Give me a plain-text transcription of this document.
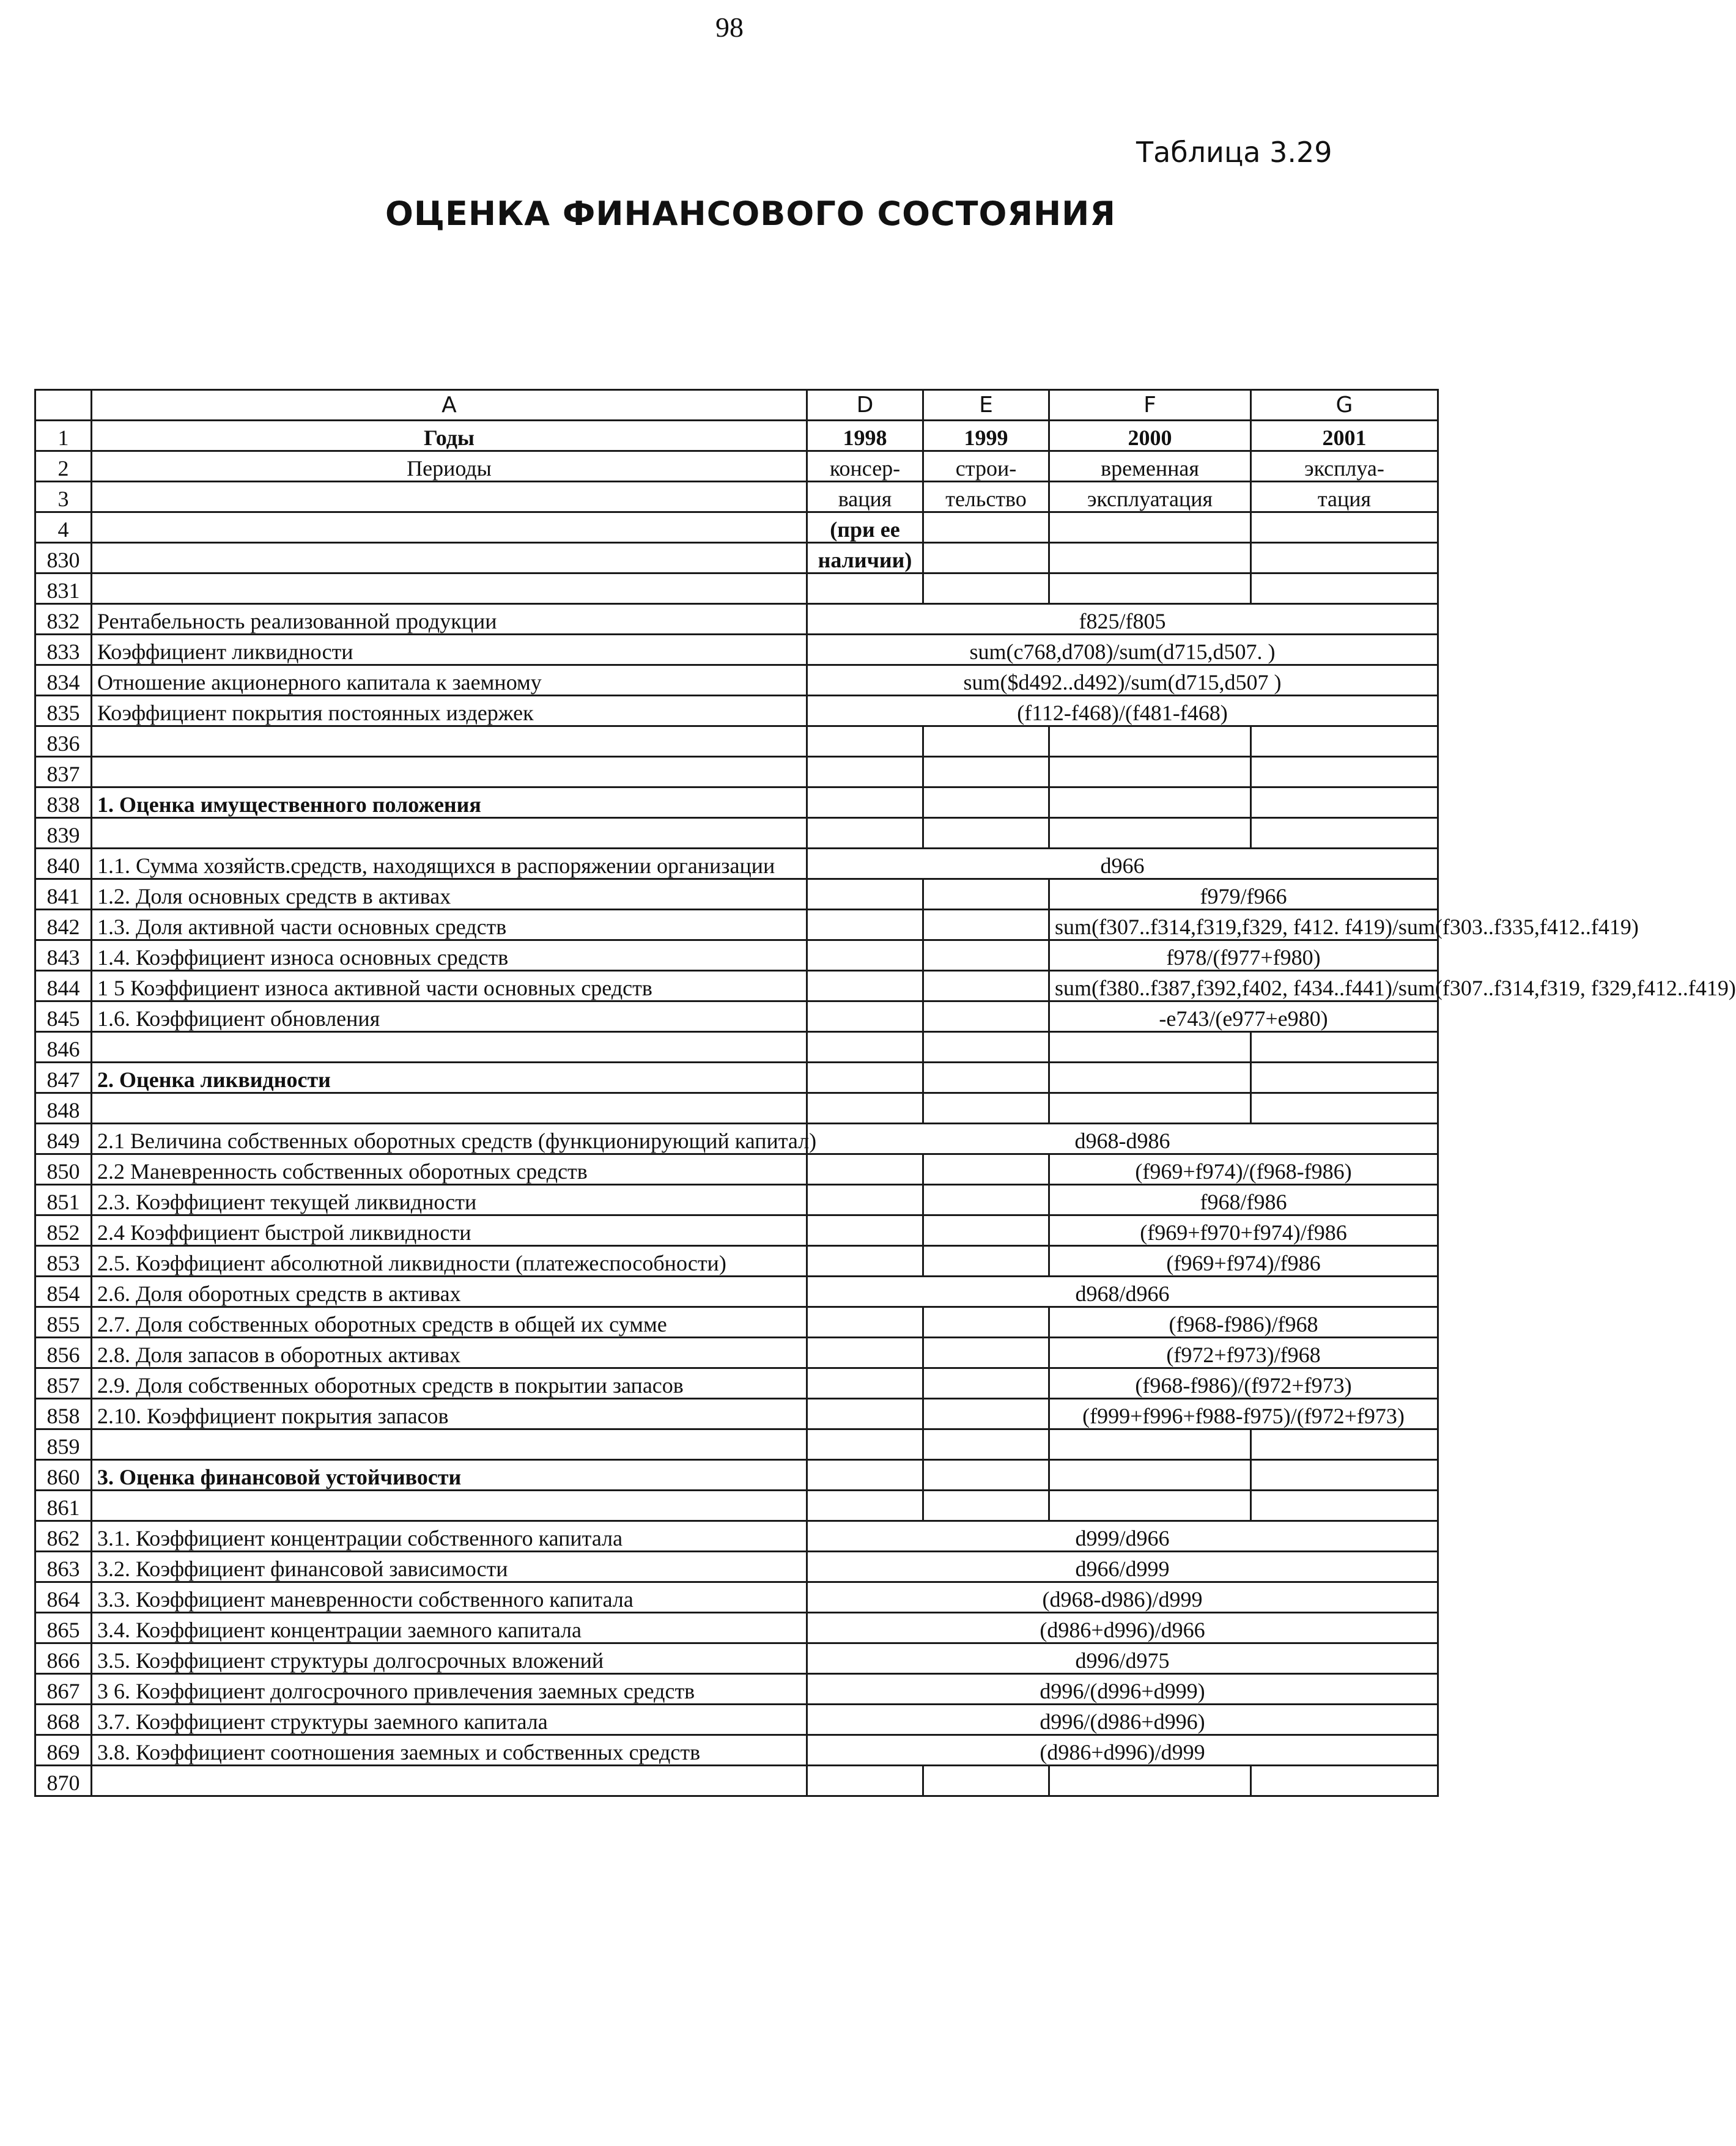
98
Таблица 3.29
ОЦЕНКА ФИНАНСОВОГО СОСТОЯНИЯ
	A	D	E	F	G
1	Годы	1998	1999	2000	2001
2	Периоды	консер-	строи-	временная	эксплуа-
3		вация	тельство	эксплуатация	тация
4		(при ее			
830		наличии)			
831					
832	Рентабельность реализованной продукции	f825/f805			
833	Коэффициент ликвидности	sum(c768,d708)/sum(d715,d507. )			
834	Отношение акционерного капитала к заемному	sum($d492..d492)/sum(d715,d507 )			
835	Коэффициент покрытия постоянных издержек	(f112-f468)/(f481-f468)			
836					
837					
838	1. Оценка имущественного положения				
839					
840	1.1. Сумма хозяйств.средств, находящихся в распоряжении организации	d966			
841	1.2. Доля основных средств в активах			f979/f966	
842	1.3. Доля активной части основных средств			sum(f307..f314,f319,f329, f412. f419)/sum(f303..f335,f412..f419)	
843	1.4. Коэффициент износа основных средств			f978/(f977+f980)	
844	1 5 Коэффициент износа активной части основных средств			sum(f380..f387,f392,f402, f434..f441)/sum(f307..f314,f319, f329,f412..f419)	
845	1.6. Коэффициент обновления			-e743/(e977+e980)	
846					
847	2. Оценка ликвидности				
848					
849	2.1 Величина собственных оборотных средств (функционирующий капитал)	d968-d986			
850	2.2 Маневренность собственных оборотных средств			(f969+f974)/(f968-f986)	
851	2.3. Коэффициент текущей ликвидности			f968/f986	
852	2.4 Коэффициент быстрой ликвидности			(f969+f970+f974)/f986	
853	2.5. Коэффициент абсолютной ликвидности (платежеспособности)			(f969+f974)/f986	
854	2.6. Доля оборотных средств в активах	d968/d966			
855	2.7. Доля собственных оборотных средств в общей их сумме			(f968-f986)/f968	
856	2.8. Доля запасов в оборотных активах			(f972+f973)/f968	
857	2.9. Доля собственных оборотных средств в покрытии запасов			(f968-f986)/(f972+f973)	
858	2.10. Коэффициент покрытия запасов			(f999+f996+f988-f975)/(f972+f973)	
859					
860	3. Оценка финансовой устойчивости				
861					
862	3.1. Коэффициент концентрации собственного капитала	d999/d966			
863	3.2. Коэффициент финансовой зависимости	d966/d999			
864	3.3. Коэффициент маневренности собственного капитала	(d968-d986)/d999			
865	3.4. Коэффициент концентрации заемного капитала	(d986+d996)/d966			
866	3.5. Коэффициент структуры долгосрочных вложений	d996/d975			
867	3 6. Коэффициент долгосрочного привлечения заемных средств	d996/(d996+d999)			
868	3.7. Коэффициент структуры заемного капитала	d996/(d986+d996)			
869	3.8. Коэффициент соотношения заемных и собственных средств	(d986+d996)/d999			
870					
